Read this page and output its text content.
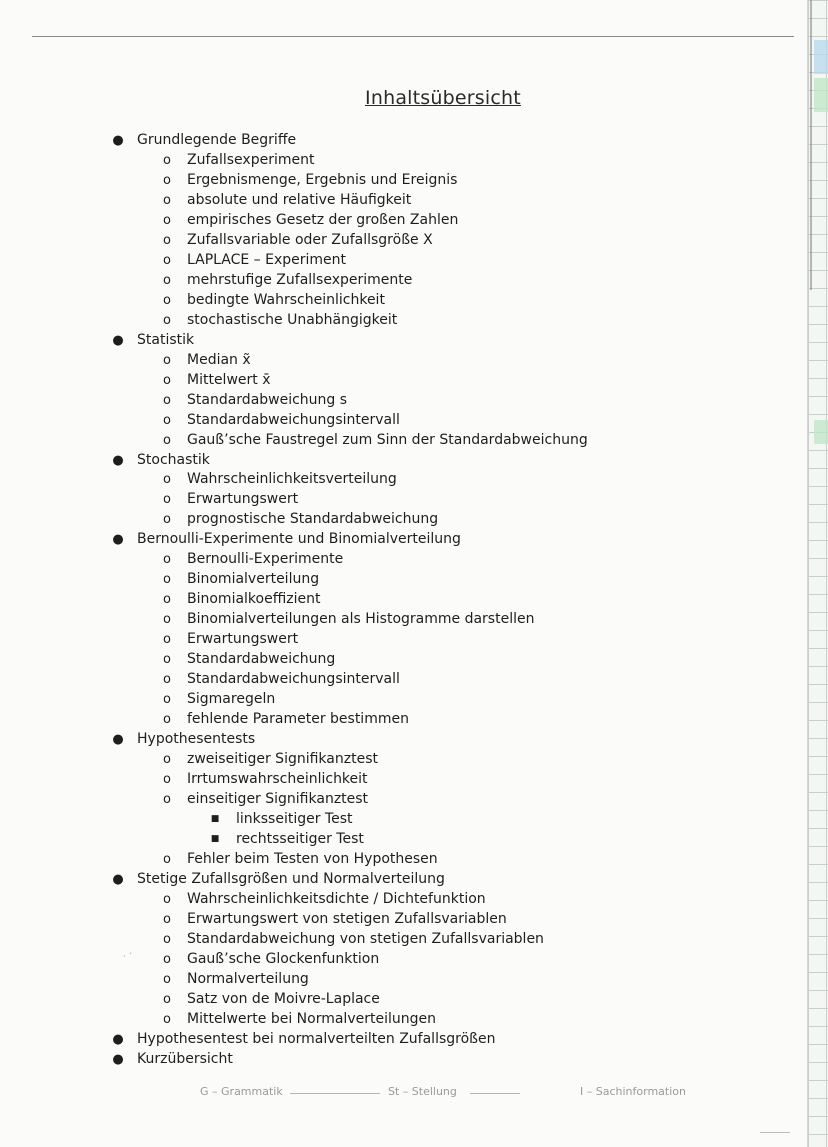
Inhaltsübersicht
● Grundlegende Begriffe
o	Zufallsexperiment
o	Ergebnismenge, Ergebnis und Ereignis
o	absolute und relative Häufigkeit
o	empirisches Gesetz der großen Zahlen
o	Zufallsvariable oder Zufallsgröße X
o	LAPLACE – Experiment
o	mehrstufige Zufallsexperimente
o	bedingte Wahrscheinlichkeit
o	stochastische Unabhängigkeit
● Statistik
o	Median x̃
o	Mittelwert x̄
o	Standardabweichung s
o	Standardabweichungsintervall
o	Gauß’sche Faustregel zum Sinn der Standardabweichung
● Stochastik
o	Wahrscheinlichkeitsverteilung
o	Erwartungswert
o	prognostische Standardabweichung
● Bernoulli-Experimente und Binomialverteilung
o	Bernoulli-Experimente
o	Binomialverteilung
o	Binomialkoeffizient
o	Binomialverteilungen als Histogramme darstellen
o	Erwartungswert
o	Standardabweichung
o	Standardabweichungsintervall
o	Sigmaregeln
o	fehlende Parameter bestimmen
● Hypothesentests
o	zweiseitiger Signifikanztest
o	Irrtumswahrscheinlichkeit
o	einseitiger Signifikanztest
■	linksseitiger Test
■	rechtsseitiger Test
o	Fehler beim Testen von Hypothesen
● Stetige Zufallsgrößen und Normalverteilung
o	Wahrscheinlichkeitsdichte / Dichtefunktion
o	Erwartungswert von stetigen Zufallsvariablen
o	Standardabweichung von stetigen Zufallsvariablen
o	Gauß’sche Glockenfunktion
o	Normalverteilung
o	Satz von de Moivre-Laplace
o	Mittelwerte bei Normalverteilungen
● Hypothesentest bei normalverteilten Zufallsgrößen
● Kurzübersicht
‧ ˊ
G – Grammatik	St – Stellung	I – Sachinformation
